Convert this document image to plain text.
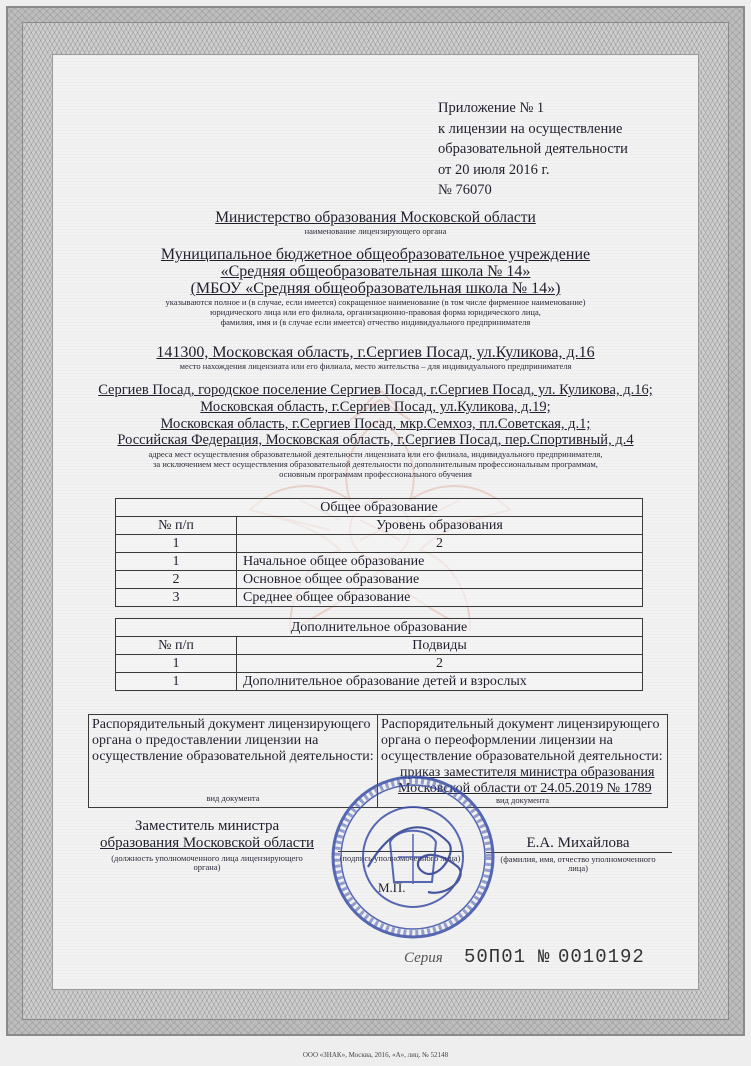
Приложение № 1
к лицензии на осуществление
образовательной деятельности
от 20 июля 2016 г.
№ 76070
Министерство образования Московской области
наименование лицензирующего органа
Муниципальное бюджетное общеобразовательное учреждение
«Средняя общеобразовательная школа № 14»
(МБОУ «Средняя общеобразовательная школа № 14»)
указываются полное и (в случае, если имеется) сокращенное наименование (в том числе фирменное наименование)
юридического лица или его филиала, организационно-правовая форма юридического лица,
фамилия, имя и (в случае если имеется) отчество индивидуального предпринимателя
141300, Московская область, г.Сергиев Посад, ул.Куликова, д.16
место нахождения лицензиата или его филиала, место жительства – для индивидуального предпринимателя
Сергиев Посад, городское поселение Сергиев Посад, г.Сергиев Посад, ул. Куликова, д.16;
Московская область, г.Сергиев Посад, ул.Куликова, д.19;
Московская область, г.Сергиев Посад, мкр.Семхоз, пл.Советская, д.1;
Российская Федерация, Московская область, г.Сергиев Посад, пер.Спортивный, д.4
адреса мест осуществления образовательной деятельности лицензиата или его филиала, индивидуального предпринимателя,
за исключением мест осуществления образовательной деятельности по дополнительным профессиональным программам,
основным программам профессионального обучения
Общее образование	
№ п/п	Уровень образования
1	2
1	Начальное общее образование
2	Основное общее образование
3	Среднее общее образование
Дополнительное образование	
№ п/п	Подвиды
1	2
1	Дополнительное образование детей и взрослых
Распорядительный документ лицензирующего
органа о предоставлении лицензии на
осуществление образовательной деятельности:
вид документа
Распорядительный документ лицензирующего
органа о переоформлении лицензии на
осуществление образовательной деятельности:
приказ заместителя министра образования
Московской области от 24.05.2019 № 1789
вид документа
Заместитель министра
образования Московской области
(должность уполномоченного лица лицензирующего
органа)
(подпись уполномоченного лица)
Е.А. Михайлова
(фамилия, имя, отчество уполномоченного
лица)
М.П.
Серия 50П01 № 0010192
ООО «ЗНАК», Москва, 2016, «А», лиц. № 52148
